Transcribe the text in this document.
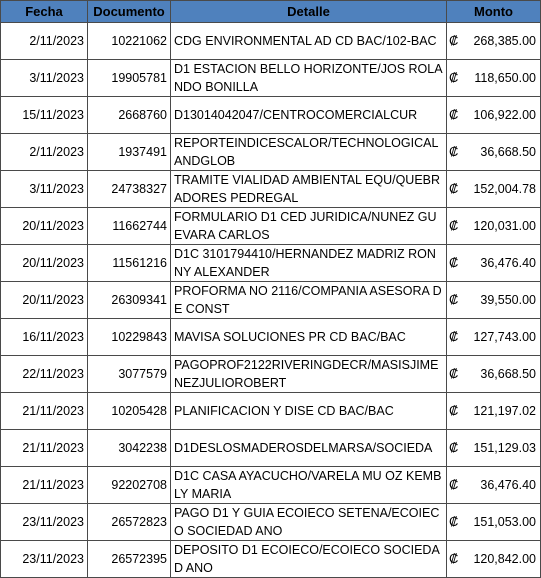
Fecha	Documento	Detalle	Monto
2/11/2023	10221062	CDG ENVIRONMENTAL AD CD BAC/102-BAC	₡ 268,385.00

3/11/2023	19905781	D1 ESTACION BELLO HORIZONTE/JOS ROLANDO BONILLA	₡ 118,650.00

15/11/2023	2668760	D13014042047/CENTROCOMERCIALCUR	₡ 106,922.00

2/11/2023	1937491	REPORTEINDICESCALOR/TECHNOLOGICALANDGLOB	₡ 36,668.50

3/11/2023	24738327	TRAMITE VIALIDAD AMBIENTAL EQU/QUEBRADORES PEDREGAL	₡ 152,004.78

20/11/2023	11662744	FORMULARIO D1 CED JURIDICA/NUNEZ GUEVARA CARLOS	₡ 120,031.00

20/11/2023	11561216	D1C 3101794410/HERNANDEZ MADRIZ RONNY ALEXANDER	₡ 36,476.40

20/11/2023	26309341	PROFORMA NO 2116/COMPANIA ASESORA DE CONST	₡ 39,550.00

16/11/2023	10229843	MAVISA SOLUCIONES PR CD BAC/BAC	₡ 127,743.00

22/11/2023	3077579	PAGOPROF2122RIVERINGDECR/MASISJIMENEZJULIOROBERT	₡ 36,668.50

21/11/2023	10205428	PLANIFICACION Y DISE CD BAC/BAC	₡ 121,197.02

21/11/2023	3042238	D1DESLOSMADEROSDELMARSA/SOCIEDA	₡ 151,129.03

21/11/2023	92202708	D1C CASA AYACUCHO/VARELA MU OZ KEMBLY MARIA	₡ 36,476.40

23/11/2023	26572823	PAGO D1 Y GUIA ECOIECO SETENA/ECOIECO SOCIEDAD ANO	₡ 151,053.00

23/11/2023	26572395	DEPOSITO D1 ECOIECO/ECOIECO SOCIEDAD ANO	₡ 120,842.00
